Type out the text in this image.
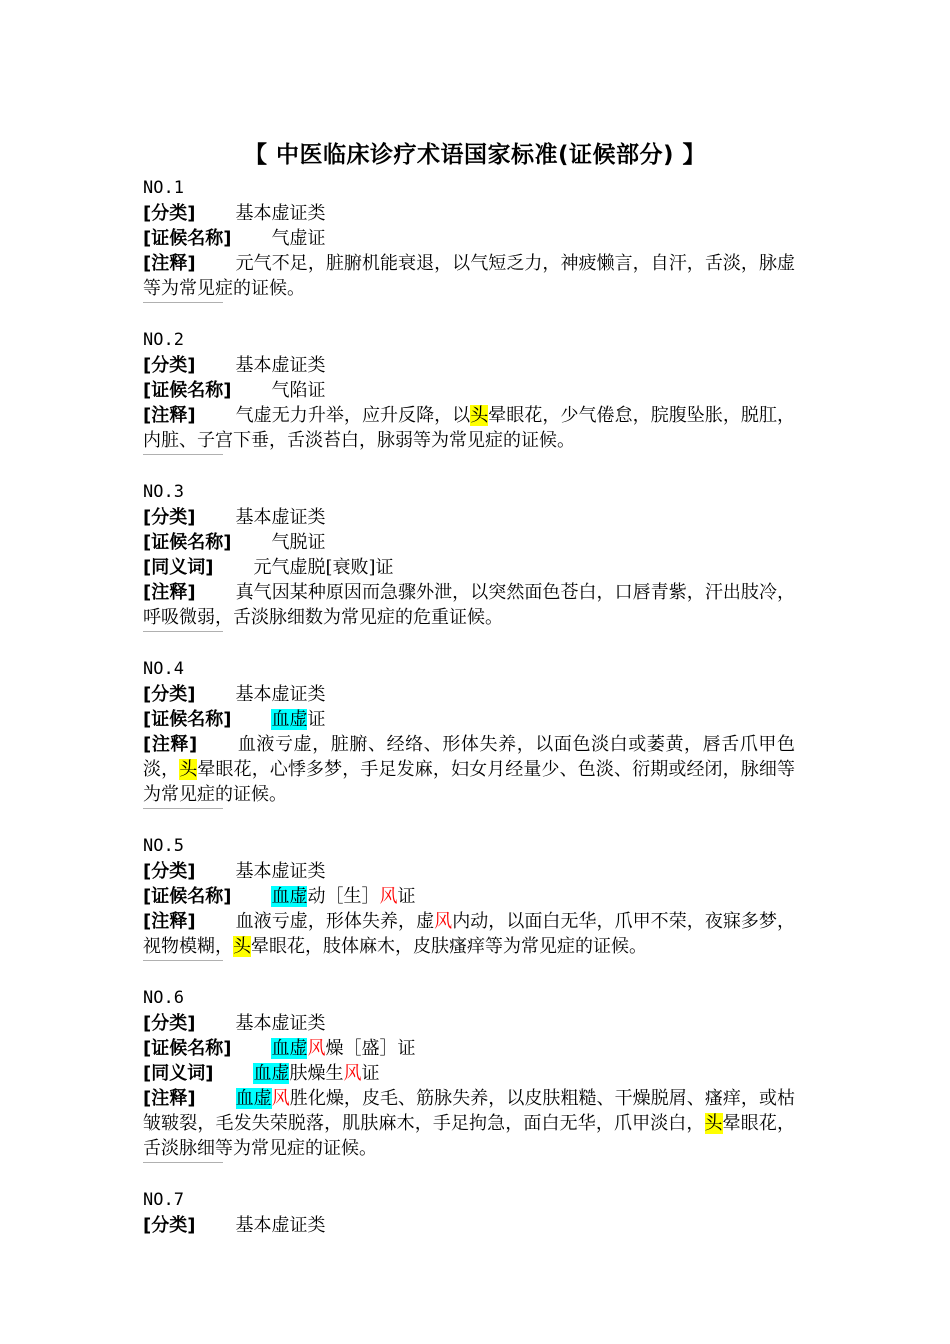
【 中医临床诊疗术语国家标准(证候部分) 】
NO.1
[分类] 基本虚证类
[证候名称] 气虚证
[注释] 元气不足，脏腑机能衰退，以气短乏力，神疲懒言，自汗，舌淡，脉虚等为常见症的证候。
NO.2
[分类] 基本虚证类
[证候名称] 气陷证
[注释] 气虚无力升举，应升反降，以头晕眼花，少气倦怠，脘腹坠胀，脱肛，内脏、子宫下垂，舌淡苔白，脉弱等为常见症的证候。
NO.3
[分类] 基本虚证类
[证候名称] 气脱证
[同义词] 元气虚脱[衰败]证
[注释] 真气因某种原因而急骤外泄，以突然面色苍白，口唇青紫，汗出肢冷，呼吸微弱，舌淡脉细数为常见症的危重证候。
NO.4
[分类] 基本虚证类
[证候名称] 血虚证
[注释] 血液亏虚，脏腑、经络、形体失养，以面色淡白或萎黄，唇舌爪甲色淡，头晕眼花，心悸多梦，手足发麻，妇女月经量少、色淡、衍期或经闭，脉细等为常见症的证候。
NO.5
[分类] 基本虚证类
[证候名称] 血虚动［生］风证
[注释] 血液亏虚，形体失养，虚风内动，以面白无华，爪甲不荣，夜寐多梦，视物模糊，头晕眼花，肢体麻木，皮肤瘙痒等为常见症的证候。
NO.6
[分类] 基本虚证类
[证候名称] 血虚风燥［盛］证
[同义词] 血虚肤燥生风证
[注释] 血虚风胜化燥，皮毛、筋脉失养，以皮肤粗糙、干燥脱屑、瘙痒，或枯皱皲裂，毛发失荣脱落，肌肤麻木，手足拘急，面白无华，爪甲淡白，头晕眼花，舌淡脉细等为常见症的证候。
NO.7
[分类] 基本虚证类
